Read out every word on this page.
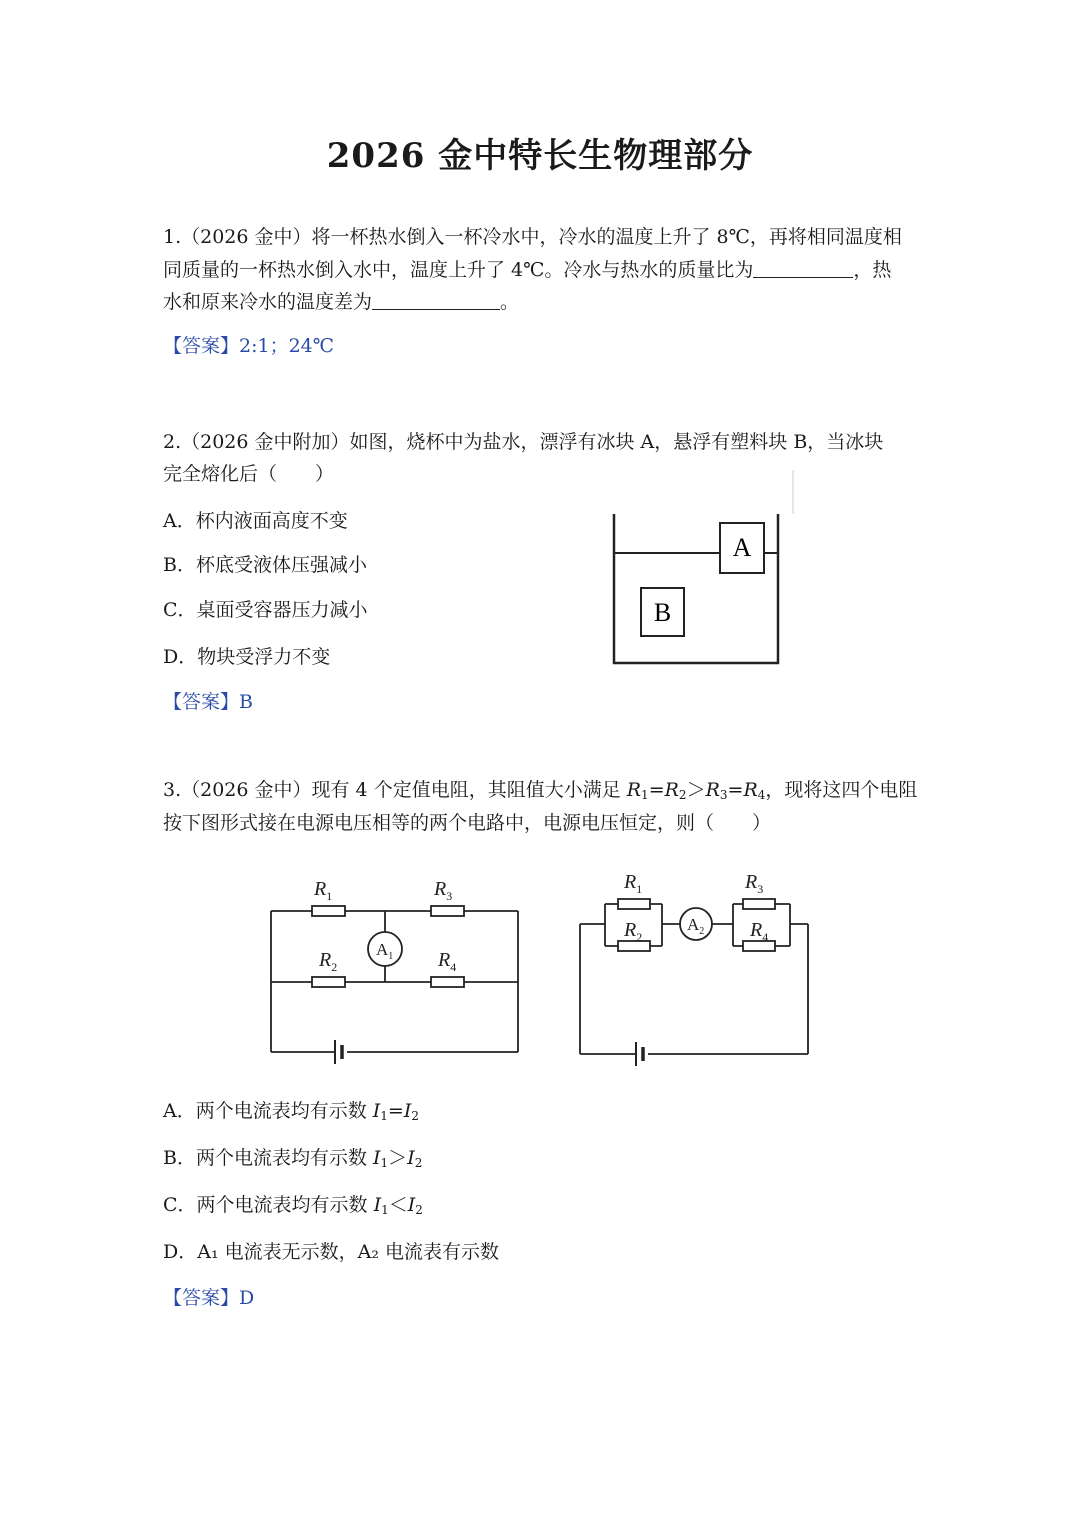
2026 金中特长生物理部分
1.（2026 金中）将一杯热水倒入一杯冷水中，冷水的温度上升了 8℃，再将相同温度相
同质量的一杯热水倒入水中，温度上升了 4℃。冷水与热水的质量比为	，热
水和原来冷水的温度差为	。
【答案】2:1；24℃
2.（2026 金中附加）如图，烧杯中为盐水，漂浮有冰块 A，悬浮有塑料块 B，当冰块
完全熔化后（　　）
A．杯内液面高度不变
B．杯底受液体压强减小
C．桌面受容器压力减小
D．物块受浮力不变
A
B
【答案】B
3.（2026 金中）现有 4 个定值电阻，其阻值大小满足 $R_1=R_2>R_3=R_4$，现将这四个电阻
按下图形式接在电源电压相等的两个电路中，电源电压恒定，则（　　）
$R_1$	$R_3$
$R_2$	$R_4$
$A_1$
$R_1$
$R_2$
$R_3$
$R_4$
$A_2$
A．两个电流表均有示数 $I_1=I_2$
B．两个电流表均有示数 $I_1>I_2$
C．两个电流表均有示数 $I_1<I_2$
D．A₁ 电流表无示数，A₂ 电流表有示数
【答案】D
